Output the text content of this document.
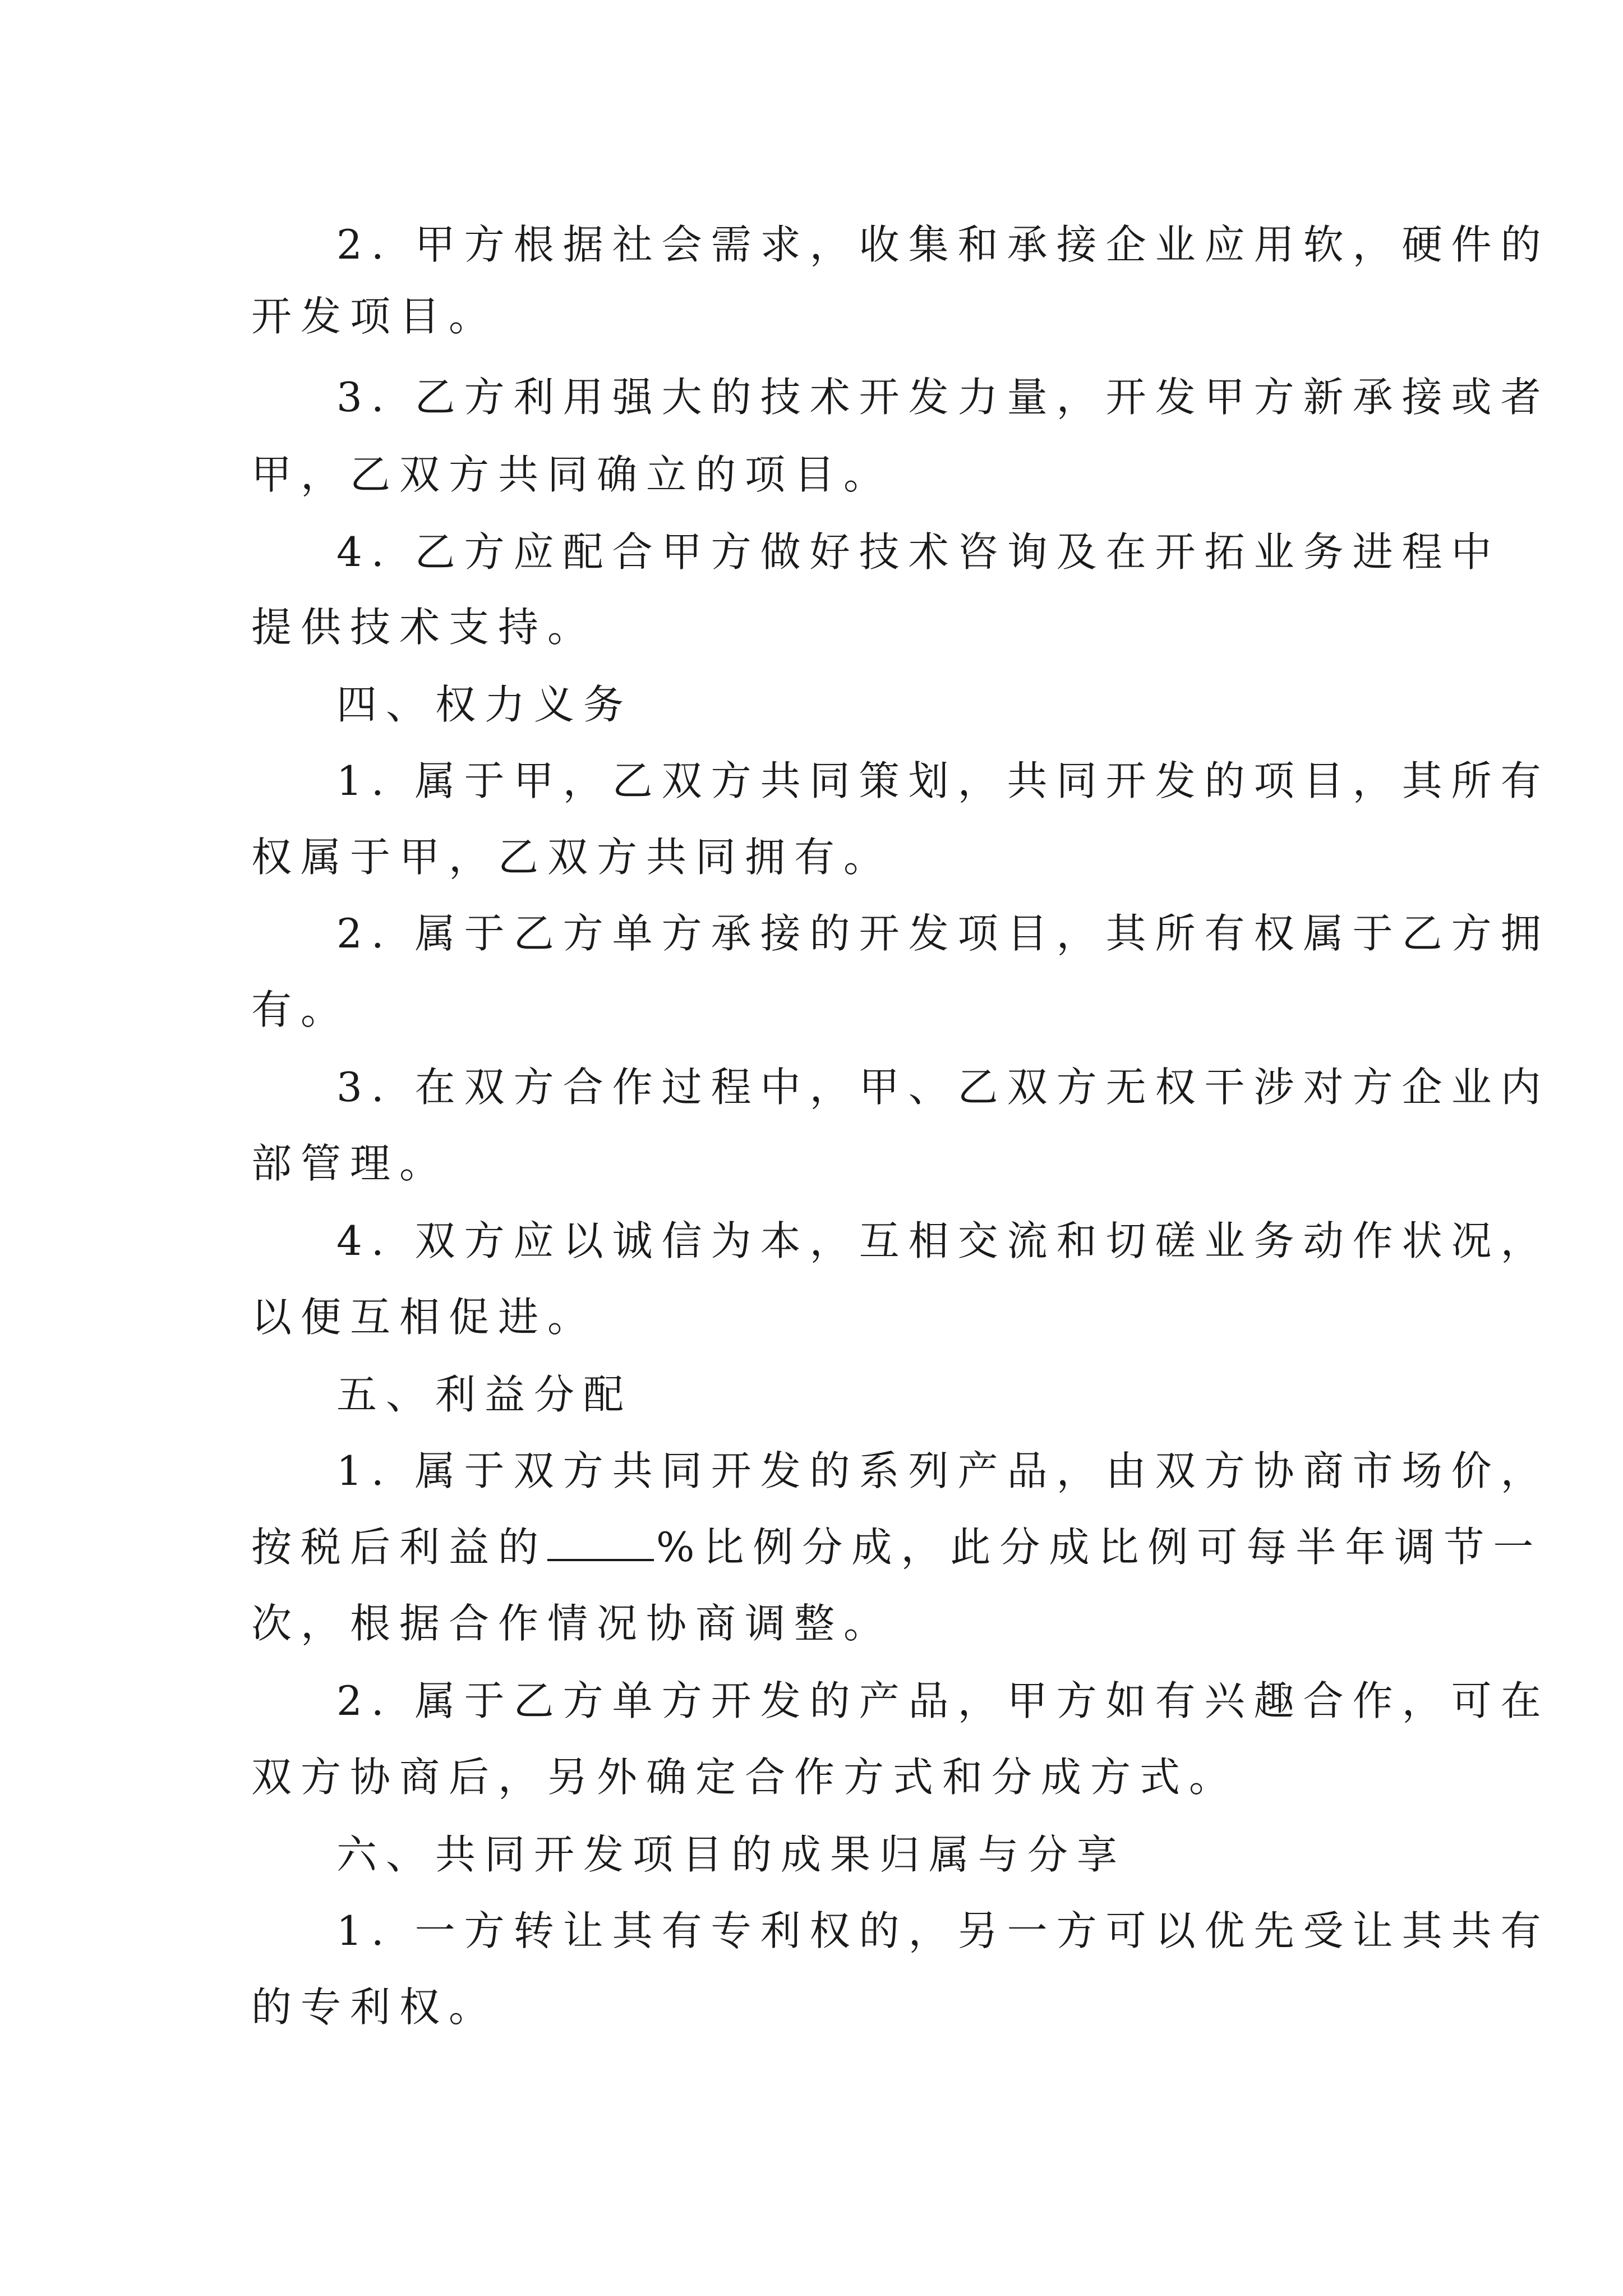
2. 甲方根据社会需求，收集和承接企业应用软，硬件的
开发项目。
3. 乙方利用强大的技术开发力量，开发甲方新承接或者
甲，乙双方共同确立的项目。
4. 乙方应配合甲方做好技术咨询及在开拓业务进程中
提供技术支持。
四、权力义务
1. 属于甲，乙双方共同策划，共同开发的项目，其所有
权属于甲，乙双方共同拥有。
2. 属于乙方单方承接的开发项目，其所有权属于乙方拥
有。
3. 在双方合作过程中，甲、乙双方无权干涉对方企业内
部管理。
4. 双方应以诚信为本，互相交流和切磋业务动作状况，
以便互相促进。
五、利益分配
1. 属于双方共同开发的系列产品，由双方协商市场价，
按税后利益的	%比例分成，此分成比例可每半年调节一
次，根据合作情况协商调整。
2. 属于乙方单方开发的产品，甲方如有兴趣合作，可在
双方协商后，另外确定合作方式和分成方式。
六、共同开发项目的成果归属与分享
1. 一方转让其有专利权的，另一方可以优先受让其共有
的专利权。
